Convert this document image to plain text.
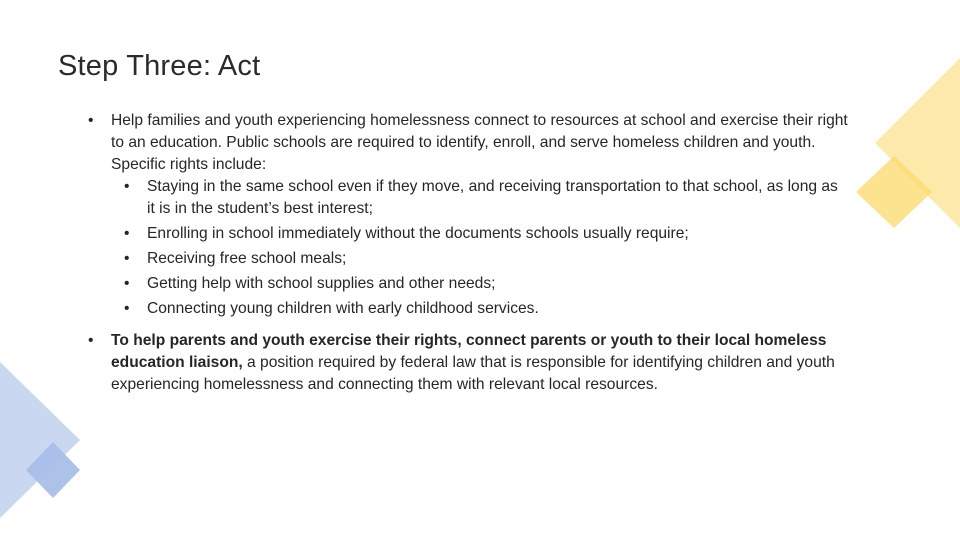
Step Three: Act
• Help families and youth experiencing homelessness connect to resources at school and exercise their right to an education. Public schools are required to identify, enroll, and serve homeless children and youth. Specific rights include:
• Staying in the same school even if they move, and receiving transportation to that school, as long as it is in the student’s best interest;
• Enrolling in school immediately without the documents schools usually require;
• Receiving free school meals;
• Getting help with school supplies and other needs;
• Connecting young children with early childhood services.
• To help parents and youth exercise their rights, connect parents or youth to their local homeless education liaison, a position required by federal law that is responsible for identifying children and youth experiencing homelessness and connecting them with relevant local resources.
